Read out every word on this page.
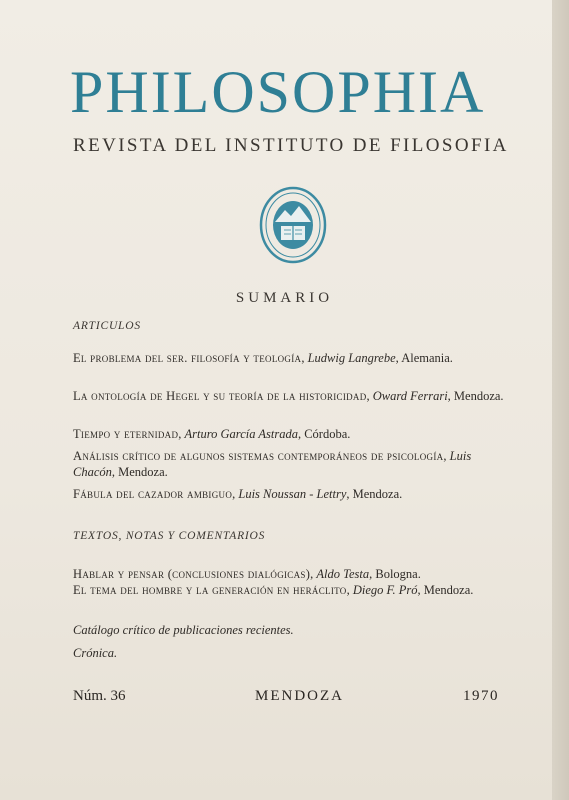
PHILOSOPHIA
REVISTA DEL INSTITUTO DE FILOSOFIA
SUMARIO
ARTICULOS
El problema del ser. filosofía y teología, Ludwig Langrebe, Alemania.
La ontología de Hegel y su teoría de la historicidad, Oward Ferrari, Mendoza.
Tiempo y eternidad, Arturo García Astrada, Córdoba.
Análisis crítico de algunos sistemas contemporáneos de psicología, Luis Chacón, Mendoza.
Fábula del cazador ambiguo, Luis Noussan - Lettry, Mendoza.
TEXTOS, NOTAS Y COMENTARIOS
Hablar y pensar (conclusiones dialógicas), Aldo Testa, Bologna.
El tema del hombre y la generación en heráclito, Diego F. Pró, Mendoza.
Catálogo crítico de publicaciones recientes.
Crónica.
Núm. 36	MENDOZA	1970
